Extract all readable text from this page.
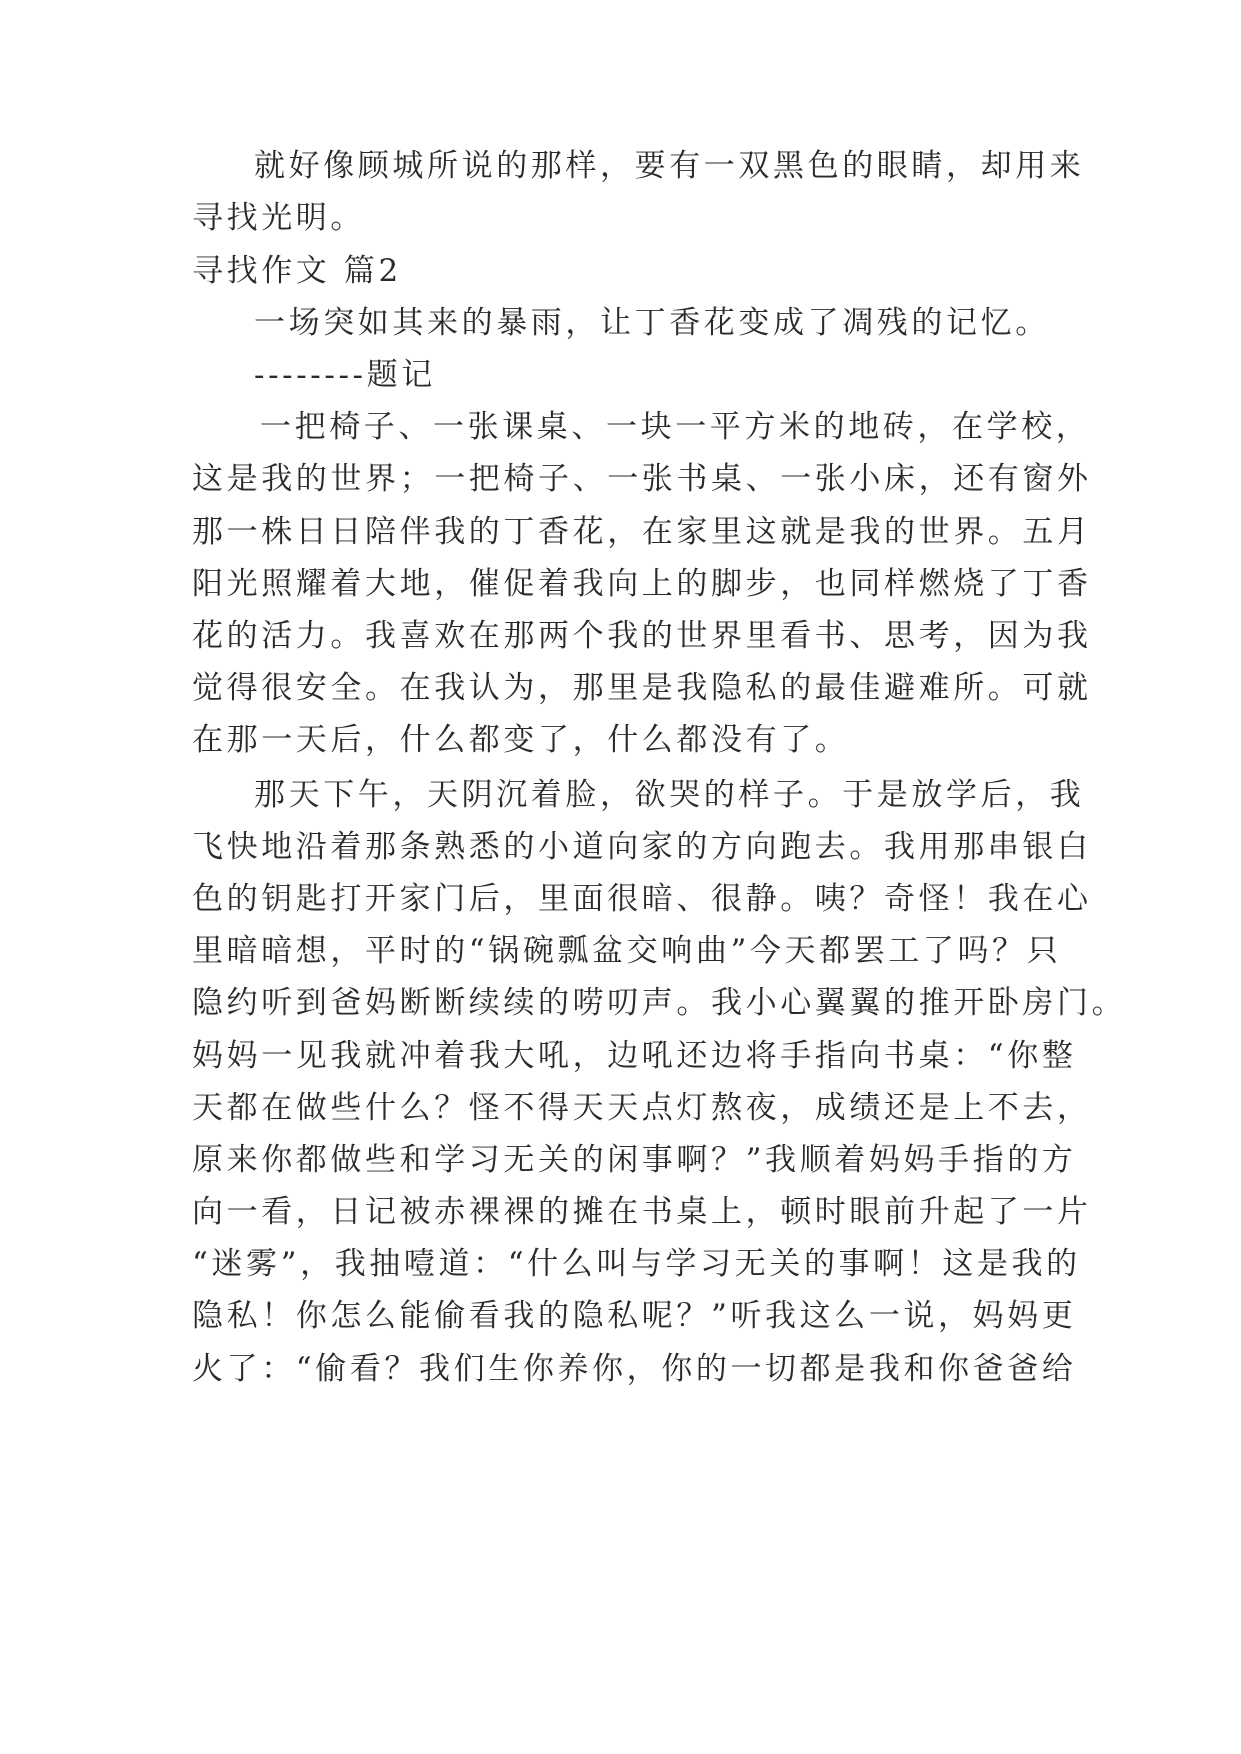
就好像顾城所说的那样，要有一双黑色的眼睛，却用来
寻找光明。
寻找作文 篇2
一场突如其来的暴雨，让丁香花变成了凋残的记忆。
--------题记
一把椅子、一张课桌、一块一平方米的地砖，在学校，
这是我的世界；一把椅子、一张书桌、一张小床，还有窗外
那一株日日陪伴我的丁香花，在家里这就是我的世界。五月
阳光照耀着大地，催促着我向上的脚步，也同样燃烧了丁香
花的活力。我喜欢在那两个我的世界里看书、思考，因为我
觉得很安全。在我认为，那里是我隐私的最佳避难所。可就
在那一天后，什么都变了，什么都没有了。
那天下午，天阴沉着脸，欲哭的样子。于是放学后，我
飞快地沿着那条熟悉的小道向家的方向跑去。我用那串银白
色的钥匙打开家门后，里面很暗、很静。咦？奇怪！我在心
里暗暗想，平时的“锅碗瓢盆交响曲”今天都罢工了吗？只
隐约听到爸妈断断续续的唠叨声。我小心翼翼的推开卧房门。
妈妈一见我就冲着我大吼，边吼还边将手指向书桌：“你整
天都在做些什么？怪不得天天点灯熬夜，成绩还是上不去，
原来你都做些和学习无关的闲事啊？”我顺着妈妈手指的方
向一看，日记被赤裸裸的摊在书桌上，顿时眼前升起了一片
“迷雾”，我抽噎道：“什么叫与学习无关的事啊！这是我的
隐私！你怎么能偷看我的隐私呢？”听我这么一说，妈妈更
火了：“偷看？我们生你养你，你的一切都是我和你爸爸给
